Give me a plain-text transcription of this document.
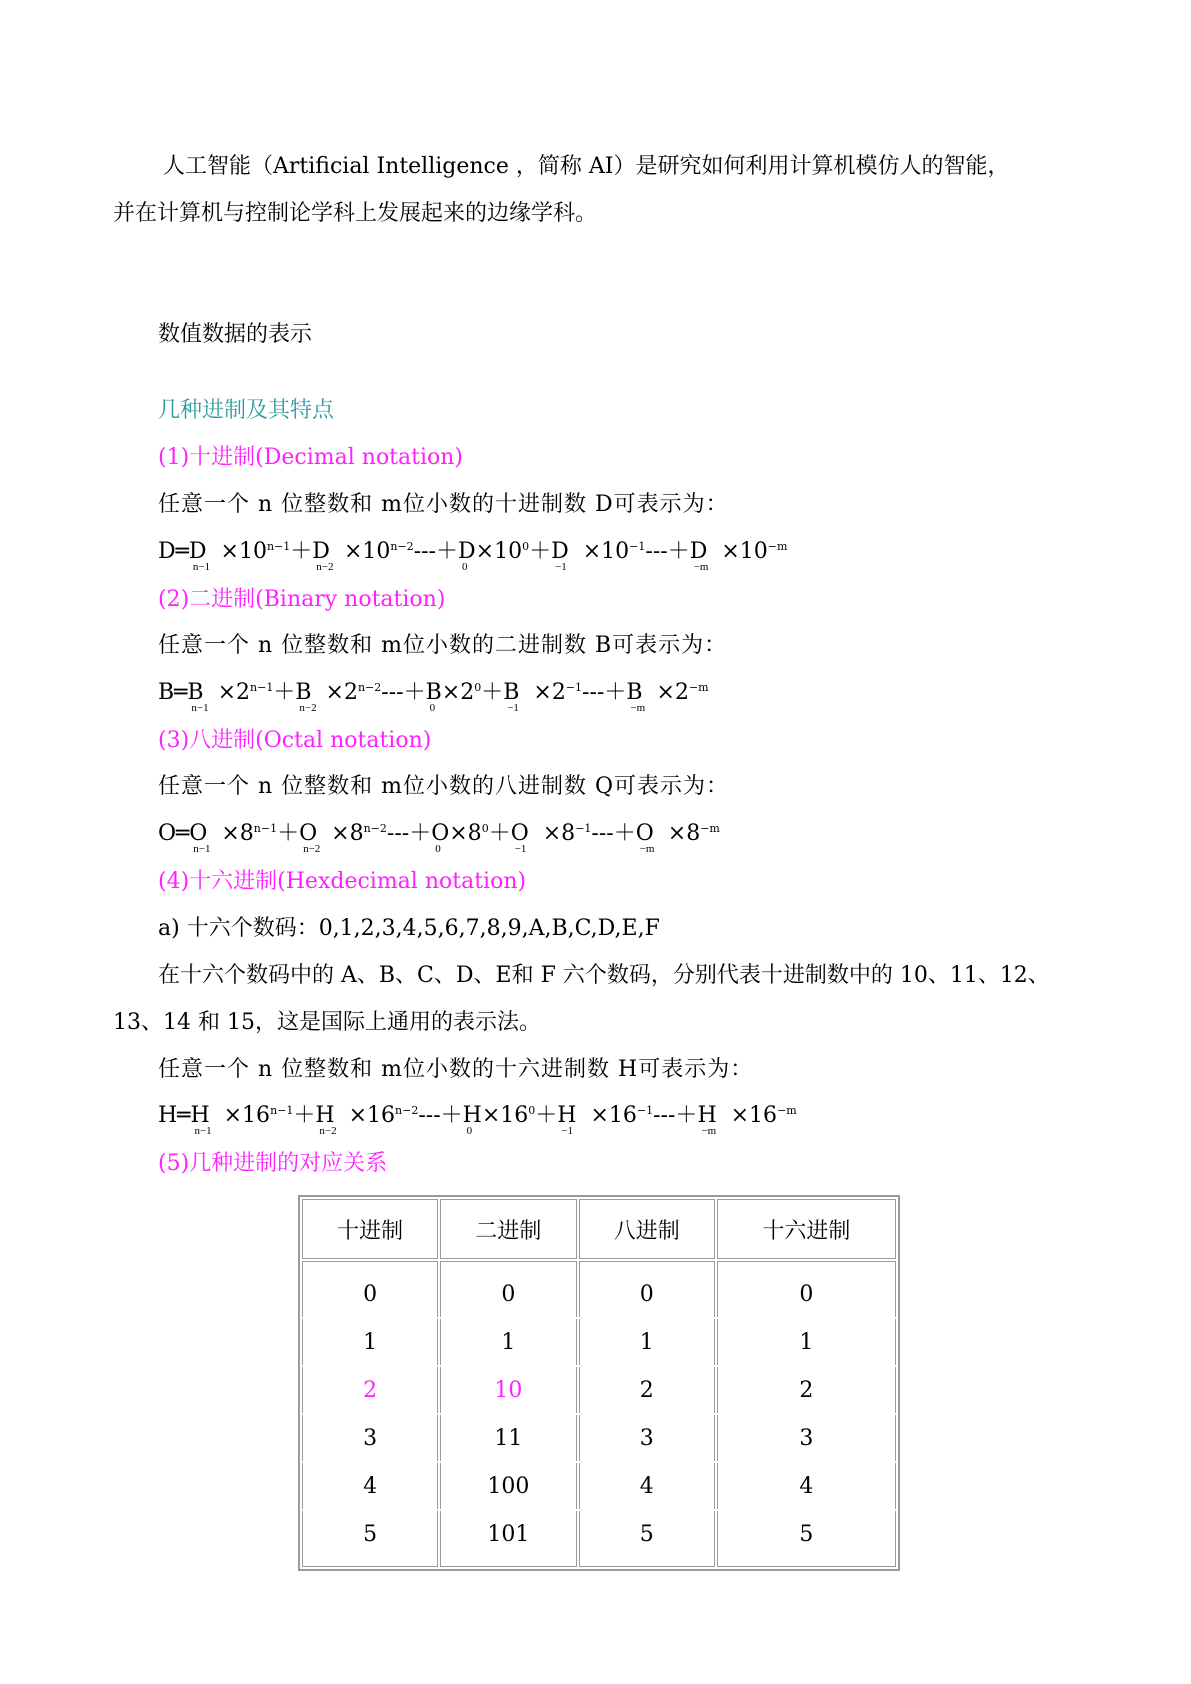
人工智能（Artificial Intelligence ，简称 AI）是研究如何利用计算机模仿人的智能，
并在计算机与控制论学科上发展起来的边缘学科。
数值数据的表示
几种进制及其特点
(1)十进制(Decimal notation)
任意一个 n 位整数和 m位小数的十进制数 D可表示为：
D═D
n−1
$\times 10^{n-1}+D$
n−2
$\times 10^{n-2}---+D$
0
$\times 10^0+D$
−1
$\times 10^{-1}---+D$
−m
$\times 10^{-m}$
(2)二进制(Binary notation)
任意一个 n 位整数和 m位小数的二进制数 B可表示为：
B═B
n−1
$\times 2^{n-1}+B$
n−2
$\times 2^{n-2}---+B$
0
$\times 2^0+B$
−1
$\times 2^{-1}---+B$
−m
$\times 2^{-m}$
(3)八进制(Octal notation)
任意一个 n 位整数和 m位小数的八进制数 Q可表示为：
O═O
n−1
$\times 8^{n-1}+O$
n−2
$\times 8^{n-2}---+O$
0
$\times 8^0+O$
−1
$\times 8^{-1}---+O$
−m
$\times 8^{-m}$
(4)十六进制(Hexdecimal notation)
a) 十六个数码：0,1,2,3,4,5,6,7,8,9,A,B,C,D,E,F
在十六个数码中的 A、B、C、D、E和 F 六个数码，分别代表十进制数中的 10、11、12、
13、14 和 15，这是国际上通用的表示法。
任意一个 n 位整数和 m位小数的十六进制数 H可表示为：
H═H
n−1
$\times 16^{n-1}+H$
n−2
$\times 16^{n-2}---+H$
0
$\times 16^0+H$
−1
$\times 16^{-1}---+H$
−m
$\times 16^{-m}$
(5)几种进制的对应关系
十进制	二进制	八进制	十六进制
0	0	0	0
1	1	1	1
2	10	2	2
3	11	3	3
4	100	4	4
5	101	5	5
